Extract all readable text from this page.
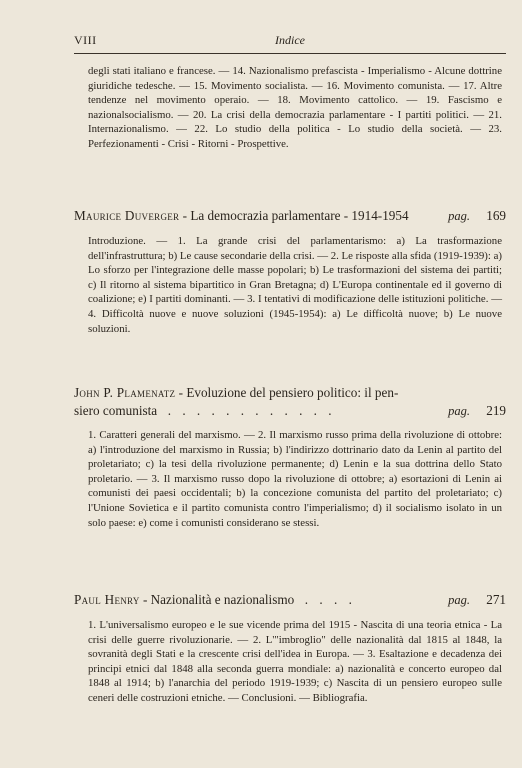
VIII	Indice
degli stati italiano e francese. — 14. Nazionalismo prefascista - Imperialismo - Alcune dottrine giuridiche tedesche. — 15. Movimento socialista. — 16. Movimento comunista. — 17. Altre tendenze nel movimento operaio. — 18. Movimento cattolico. — 19. Fascismo e nazionalsocialismo. — 20. La crisi della democrazia parlamentare - I partiti politici. — 21. Internazionalismo. — 22. Lo studio della politica - Lo studio della società. — 23. Perfezionamenti - Crisi - Ritorni - Prospettive.
Maurice Duverger - La democrazia parlamentare - 1914-1954	pag. 169
Introduzione. — 1. La grande crisi del parlamentarismo: a) La trasformazione dell'infrastruttura; b) Le cause secondarie della crisi. — 2. Le risposte alla sfida (1919-1939): a) Lo sforzo per l'integrazione delle masse popolari; b) Le trasformazioni del sistema dei partiti; c) Il ritorno al sistema bipartitico in Gran Bretagna; d) L'Europa continentale ed il governo di coalizione; e) I partiti dominanti. — 3. I tentativi di modificazione delle istituzioni politiche. — 4. Difficoltà nuove e nuove soluzioni (1945-1954): a) Le difficoltà nuove; b) Le nuove soluzioni.
John P. Plamenatz - Evoluzione del pensiero politico: il pen-
siero comunista  . . . . . . . . . . . .	pag. 219
1. Caratteri generali del marxismo. — 2. Il marxismo russo prima della rivoluzione di ottobre: a) l'introduzione del marxismo in Russia; b) l'indirizzo dottrinario dato da Lenin al partito del proletariato; c) la tesi della rivoluzione permanente; d) Lenin e la sua dottrina dello Stato proletario. — 3. Il marxismo russo dopo la rivoluzione di ottobre; a) esortazioni di Lenin ai comunisti dei paesi occidentali; b) la concezione comunista del partito del proletariato; c) l'Unione Sovietica e il partito comunista contro l'imperialismo; d) il socialismo isolato in un solo paese: e) come i comunisti considerano se stessi.
Paul Henry - Nazionalità e nazionalismo  . . . .	pag. 271
1. L'universalismo europeo e le sue vicende prima del 1915 - Nascita di una teoria etnica - La crisi delle guerre rivoluzionarie. — 2. L'"imbroglio" delle nazionalità dal 1815 al 1848, la sovranità degli Stati e la crescente crisi dell'idea in Europa. — 3. Esaltazione e decadenza dei principi etnici dal 1848 alla seconda guerra mondiale: a) nazionalità e concerto europeo dal 1848 al 1914; b) l'anarchia del periodo 1919-1939; c) Nascita di un pensiero europeo sulle ceneri delle costruzioni etniche. — Conclusioni. — Bibliografia.
